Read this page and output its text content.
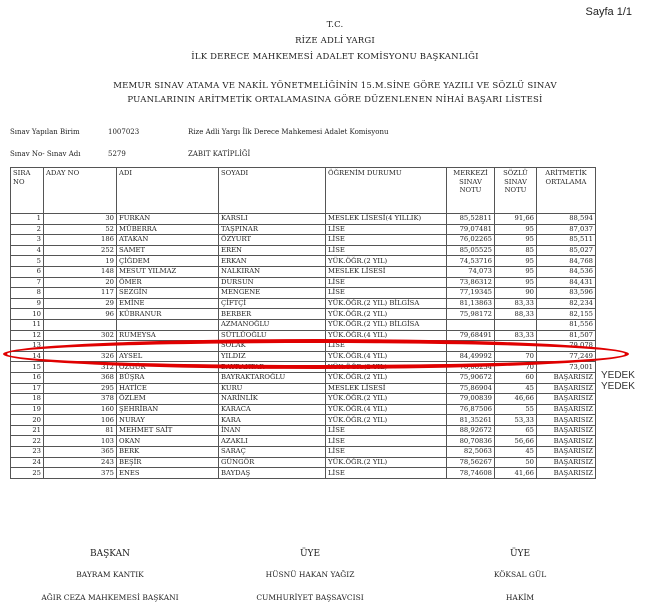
Sayfa 1/1
T.C.
RİZE ADLİ YARGI
İLK DERECE MAHKEMESİ ADALET KOMİSYONU BAŞKANLIĞI
MEMUR SINAV ATAMA VE NAKİL YÖNETMELİĞİNİN 15.M.SİNE GÖRE YAZILI VE SÖZLÜ SINAV
PUANLARININ ARİTMETİK ORTALAMASINA GÖRE DÜZENLENEN NİHAİ BAŞARI LİSTESİ
Sınav Yapılan Birim	1007023	Rize Adli Yargı İlk Derece Mahkemesi Adalet Komisyonu
Sınav No- Sınav Adı	5279	ZABIT KATİPLİĞİ
SIRA NO	ADAY NO	ADI	SOYADI	ÖĞRENİM DURUMU	MERKEZİ SINAV NOTU	SÖZLÜ SINAV NOTU	ARİTMETİK ORTALAMA
1	30	FURKAN	KARSLI	MESLEK LİSESİ(4 YILLIK)	85,52811	91,66	88,594
2	52	MÜBERRA	TAŞPINAR	LİSE	79,07481	95	87,037
3	186	ATAKAN	ÖZYURT	LİSE	76,02265	95	85,511
4	252	SAMET	EREN	LİSE	85,05525	85	85,027
5	19	ÇİĞDEM	ERKAN	YÜK.ÖĞR.(2 YIL)	74,53716	95	84,768
6	148	MESUT YILMAZ	NALKIRAN	MESLEK LİSESİ	74,073	95	84,536
7	20	ÖMER	DURSUN	LİSE	73,86312	95	84,431
8	117	SEZGİN	MENGENE	LİSE	77,19345	90	83,596
9	29	EMİNE	ÇİFTÇİ	YÜK.ÖĞR.(2 YIL) BİLGİSA	81,13863	83,33	82,234
10	96	KÜBRANUR	BERBER	YÜK.ÖĞR.(2 YIL)	75,98172	88,33	82,155
11			AZMANOĞLU	YÜK.ÖĞR.(2 YIL) BİLGİSA			81,556
12	302	RUMEYSA	SÜTLÜOĞLU	YÜK.ÖĞR.(4 YIL)	79,68491	83,33	81,507
13			SOLAK	LİSE			79,078
14	326	AYSEL	YILDIZ	YÜK.ÖĞR.(4 YIL)	84,49992	70	77,249
15	312	ÖZGÜR	BAYRAKTAR	YÜK.ÖĞR.(2 YIL)	76,00234	70	73,001
16	368	BÜŞRA	BAYRAKTAROĞLU	YÜK.ÖĞR.(2 YIL)	75,90672	60	BAŞARISIZ
17	295	HATİCE	KURU	MESLEK LİSESİ	75,86904	45	BAŞARISIZ
18	378	ÖZLEM	NARİNLİK	YÜK.ÖĞR.(2 YIL)	79,00839	46,66	BAŞARISIZ
19	160	ŞEHRİBAN	KARACA	YÜK.ÖĞR.(4 YIL)	76,87506	55	BAŞARISIZ
20	106	NURAY	KARA	YÜK.ÖĞR.(2 YIL)	81,35261	53,33	BAŞARISIZ
21	81	MEHMET SAİT	İNAN	LİSE	88,92672	65	BAŞARISIZ
22	103	OKAN	AZAKLI	LİSE	80,70836	56,66	BAŞARISIZ
23	365	BERK	SARAÇ	LİSE	82,5063	45	BAŞARISIZ
24	243	BEŞİR	GÜNGÖR	YÜK.ÖĞR.(2 YIL)	78,56267	50	BAŞARISIZ
25	375	ENES	BAYDAŞ	LİSE	78,74608	41,66	BAŞARISIZ
YEDEK
YEDEK
BAŞKAN
BAYRAM KANTIK
AĞIR CEZA MAHKEMESİ BAŞKANI
ÜYE
HÜSNÜ HAKAN YAĞIZ
CUMHURİYET BAŞSAVCISI
ÜYE
KÖKSAL GÜL
HAKİM
